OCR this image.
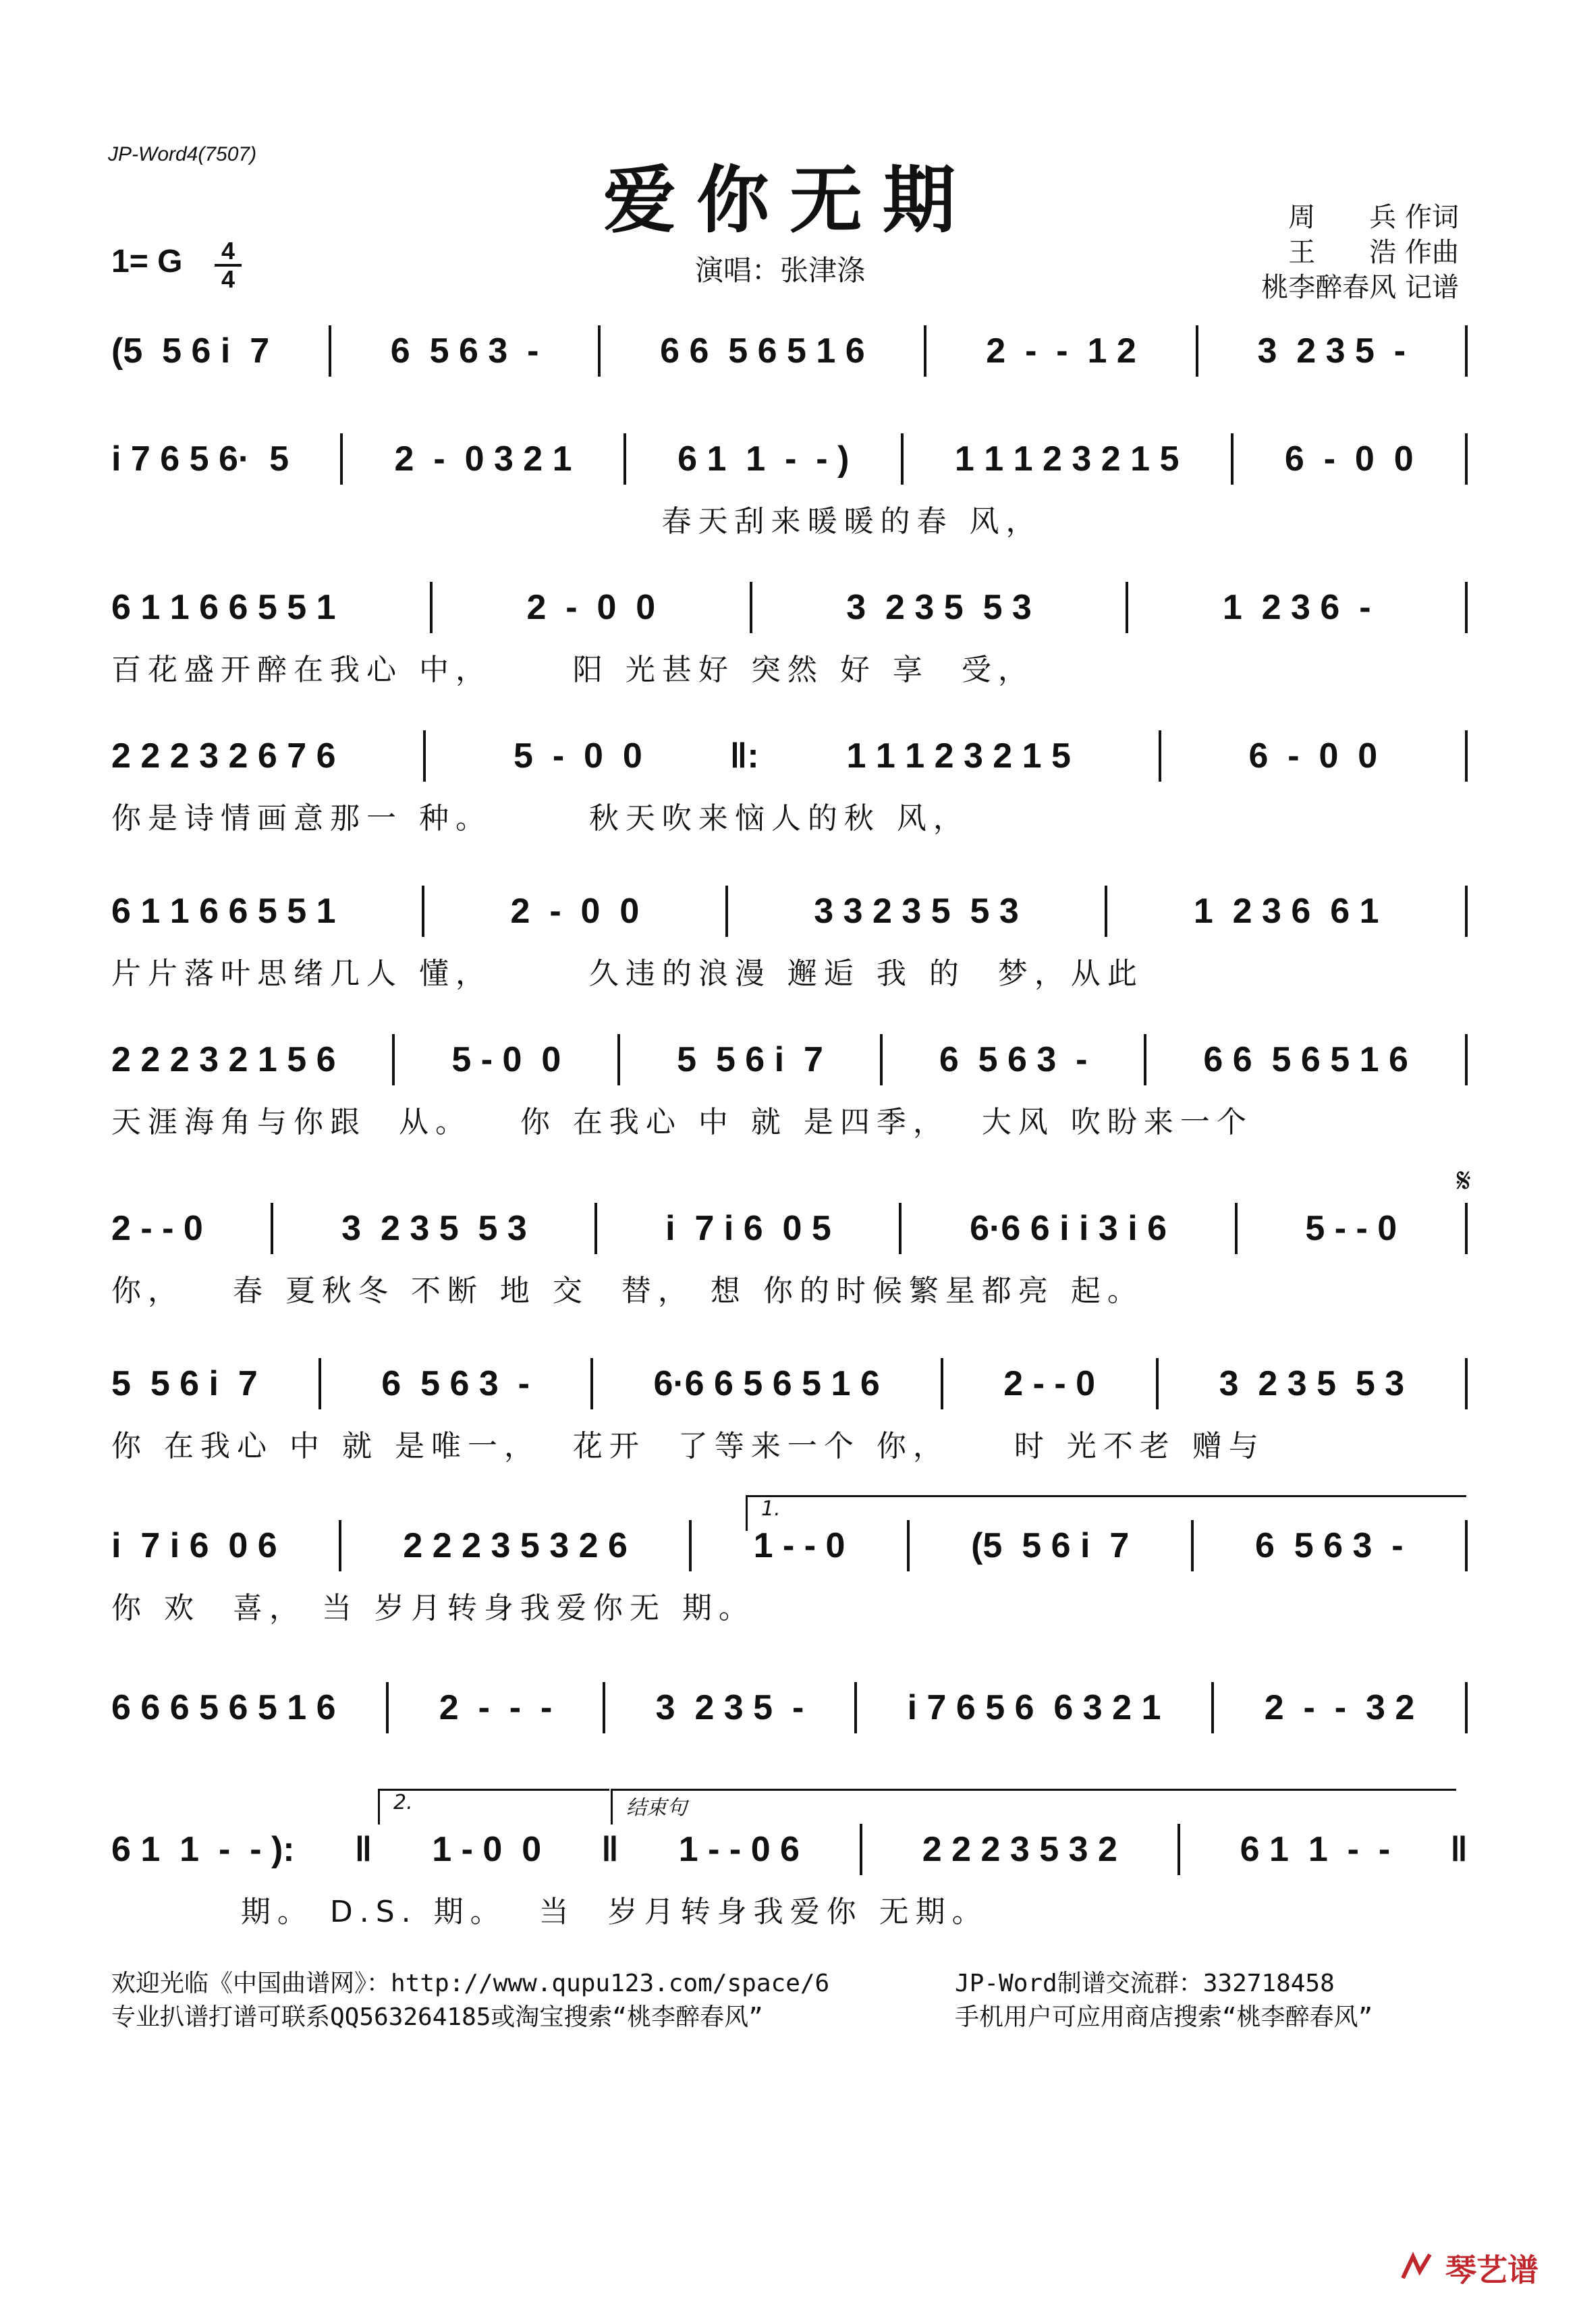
JP-Word4(7507)
爱你无期	周　　兵 作词
王　　浩 作曲
桃李醉春风 记谱
1= G 4
4	演唱：张津涤
(5  5 6 i  7	6  5 6 3  -	6 6  5 6 5 1 6	2  -  -  1 2	3  2 3 5  -
i 7 6 5 6·  5	2  -  0 3 2 1	6 1  1  -  - )	1 1 1 2 3 2 1 5	6  -  0  0
春天刮来暖暖的春 风，
6 1 1 6 6 5 5 1	2  -  0  0	3  2 3 5  5 3	1  2 3 6  -
百花盛开醉在我心 中，     阳 光甚好 突然 好 享  受，
2 2 2 3 2 6 7 6	5  -  0  0 ‖: 1 1 1 2 3 2 1 5	6  -  0  0
你是诗情画意那一 种。      秋天吹来恼人的秋 风，
6 1 1 6 6 5 5 1	2  -  0  0	3 3 2 3 5  5 3	1  2 3 6  6 1
片片落叶思绪几人 懂，      久违的浪漫 邂逅 我 的  梦，从此
2 2 2 3 2 1 5 6	5 - 0  0	5  5 6 i  7	6  5 6 3  -	6 6  5 6 5 1 6
天涯海角与你跟  从。   你 在我心 中 就 是四季，  大风 吹盼来一个
2 - - 0	3  2 3 5  5 3	i  7 i 6  0 5	6·6 6 i i 3 i 6	5 - - 0
你，   春 夏秋冬 不断 地 交  替， 想 你的时候繁星都亮 起。
5  5 6 i  7	6  5 6 3  -	6·6 6 5 6 5 1 6	2 - - 0	3  2 3 5  5 3
你 在我心 中 就 是唯一，  花开  了等来一个 你，    时 光不老 赠与
i  7 i 6  0 6	2 2 2 3 5 3 2 6	1 - - 0	(5  5 6 i  7	6  5 6 3  -
你 欢  喜， 当 岁月转身我爱你无 期。
6 6 6 5 6 5 1 6	2  -  -  -	3  2 3 5  -	i 7 6 5 6  6 3 2 1	2  -  -  3 2
6 1  1  -  - ): ‖ 1 - 0  0 ‖ 1 - - 0 6	2 2 2 3 5 3 2	6 1  1  -  - ‖
期。 D.S. 期。  当  岁月转身我爱你 无期。
𝄋
1.
2.	结束句
欢迎光临《中国曲谱网》：http://www.qupu123.com/space/6
专业扒谱打谱可联系QQ563264185或淘宝搜索“桃李醉春风”
JP-Word制谱交流群：332718458
手机用户可应用商店搜索“桃李醉春风”
琴艺谱
